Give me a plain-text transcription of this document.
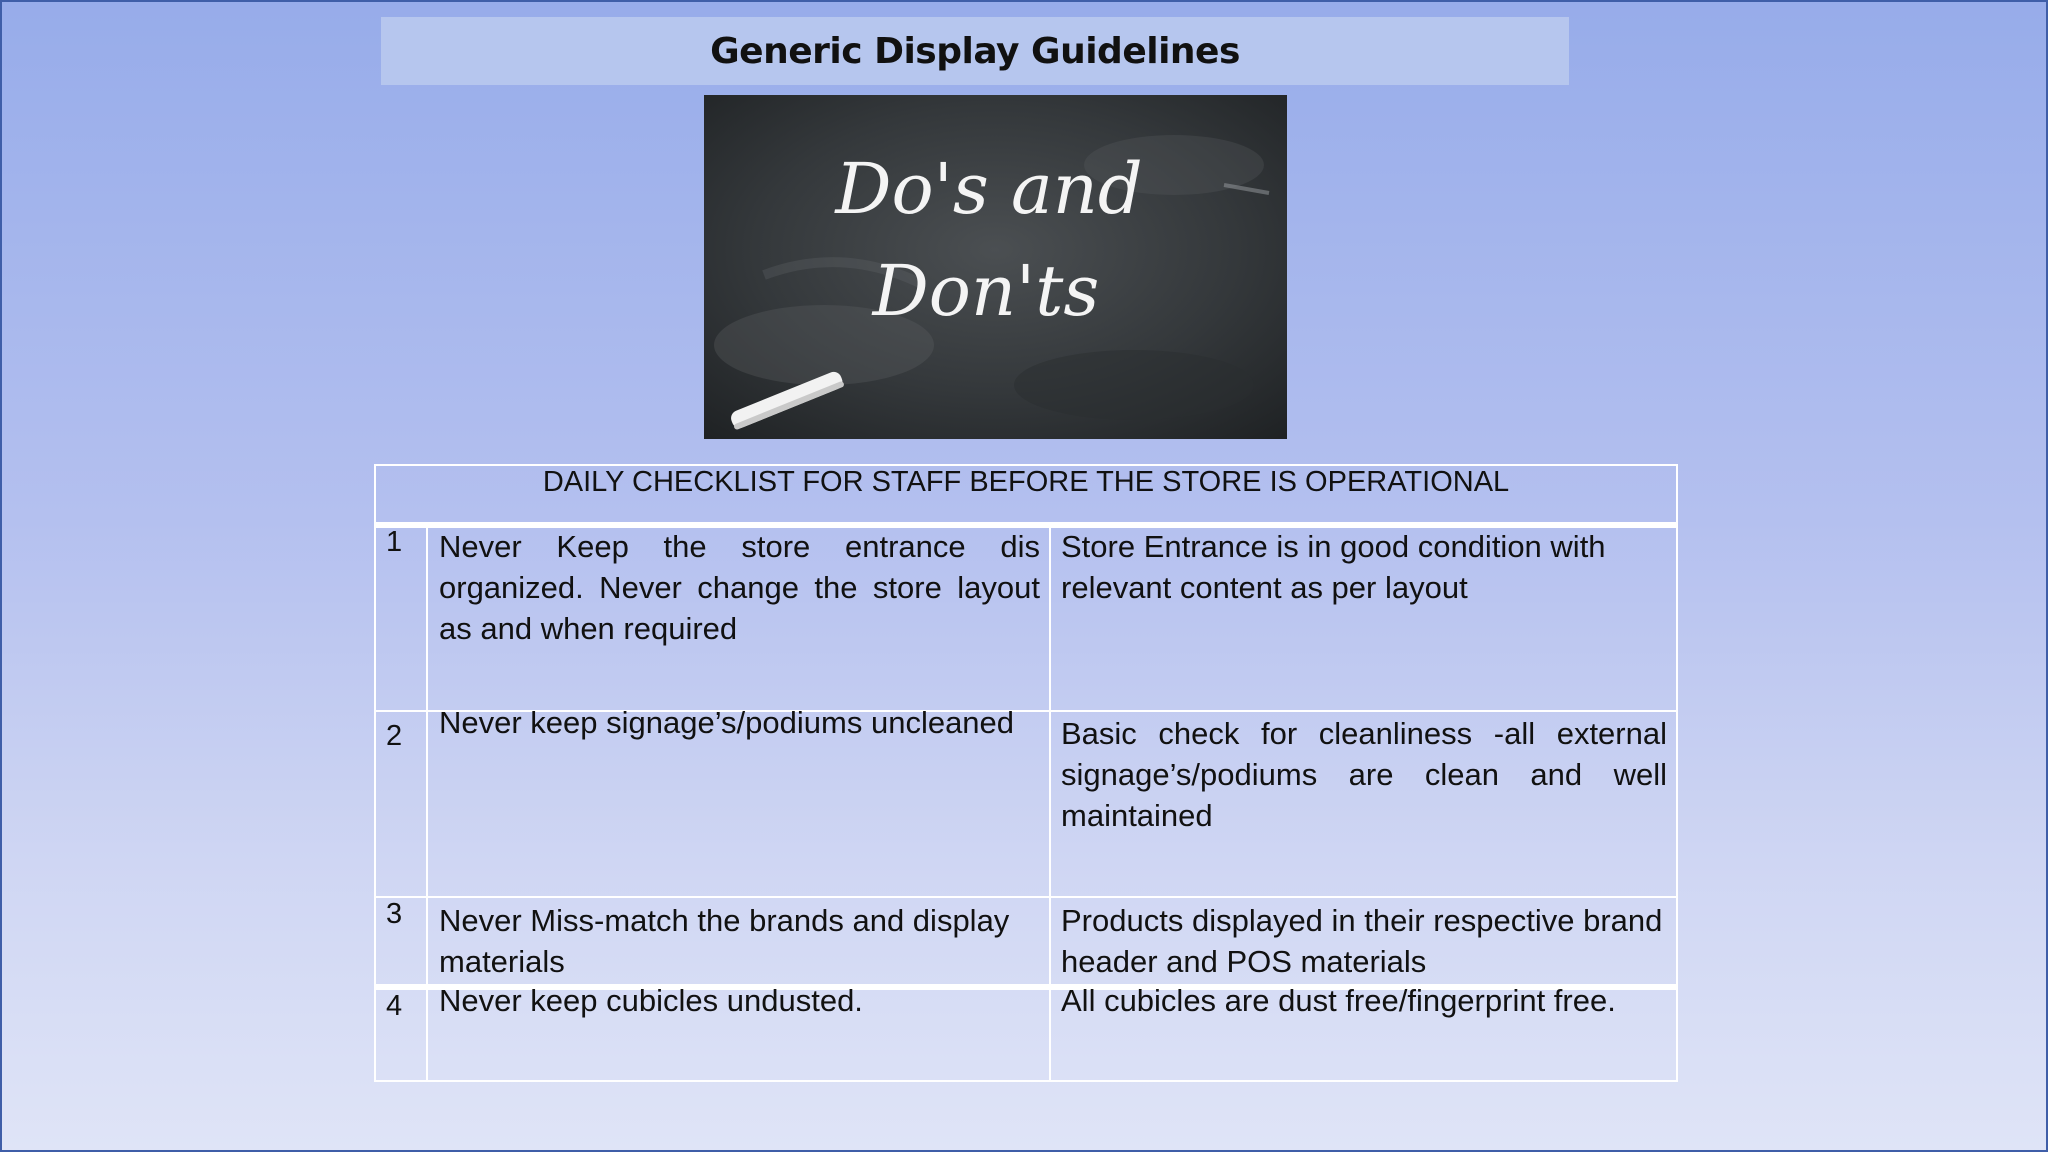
Generic Display Guidelines
Do's and
Don'ts
DAILY CHECKLIST FOR STAFF BEFORE THE STORE IS OPERATIONAL
1 Never Keep the store entrance dis organized. Never change the store layout as and when required
Store Entrance is in good condition with relevant content as per layout
2 Never keep signage’s/podiums uncleaned	Basic check for cleanliness -all external signage’s/podiums are clean and well maintained
3 Never Miss-match the brands and display materials
Products displayed in their respective brand header and POS materials
4 Never keep cubicles undusted.	All cubicles are dust free/fingerprint free.
